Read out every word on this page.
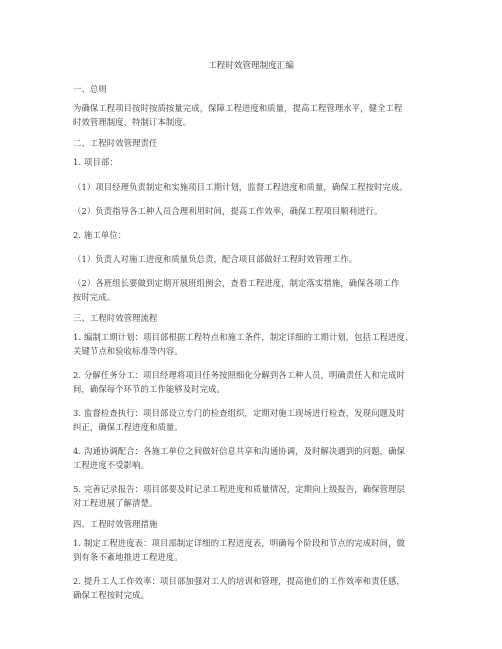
工程时效管理制度汇编
一、总则
为确保工程项目按时按质按量完成，保障工程进度和质量，提高工程管理水平，健全工程
时效管理制度，特制订本制度。
二、工程时效管理责任
1. 项目部：
（1）项目经理负责制定和实施项目工期计划，监督工程进度和质量，确保工程按时完成。
（2）负责指导各工种人员合理利用时间，提高工作效率，确保工程项目顺利进行。
2. 施工单位：
（1）负责人对施工进度和质量负总责，配合项目部做好工程时效管理工作。
（2）各班组长要做到定期开展班组例会，查看工程进度，制定落实措施，确保各项工作
按时完成。
三、工程时效管理流程
1. 编制工期计划：项目部根据工程特点和施工条件，制定详细的工期计划，包括工程进度、
关键节点和验收标准等内容。
2. 分解任务分工：项目经理将项目任务按照细化分解到各工种人员，明确责任人和完成时
间，确保每个环节的工作能够及时完成。
3. 监督检查执行：项目部设立专门的检查组织，定期对施工现场进行检查，发现问题及时
纠正，确保工程进度和质量。
4. 沟通协调配合：各施工单位之间做好信息共享和沟通协调，及时解决遇到的问题，确保
工程进度不受影响。
5. 完善记录报告：项目部要及时记录工程进度和质量情况，定期向上级报告，确保管理层
对工程进展了解清楚。
四、工程时效管理措施
1. 制定工程进度表：项目部制定详细的工程进度表，明确每个阶段和节点的完成时间，做
到有条不紊地推进工程进度。
2. 提升工人工作效率：项目部加强对工人的培训和管理，提高他们的工作效率和责任感，
确保工程按时完成。
